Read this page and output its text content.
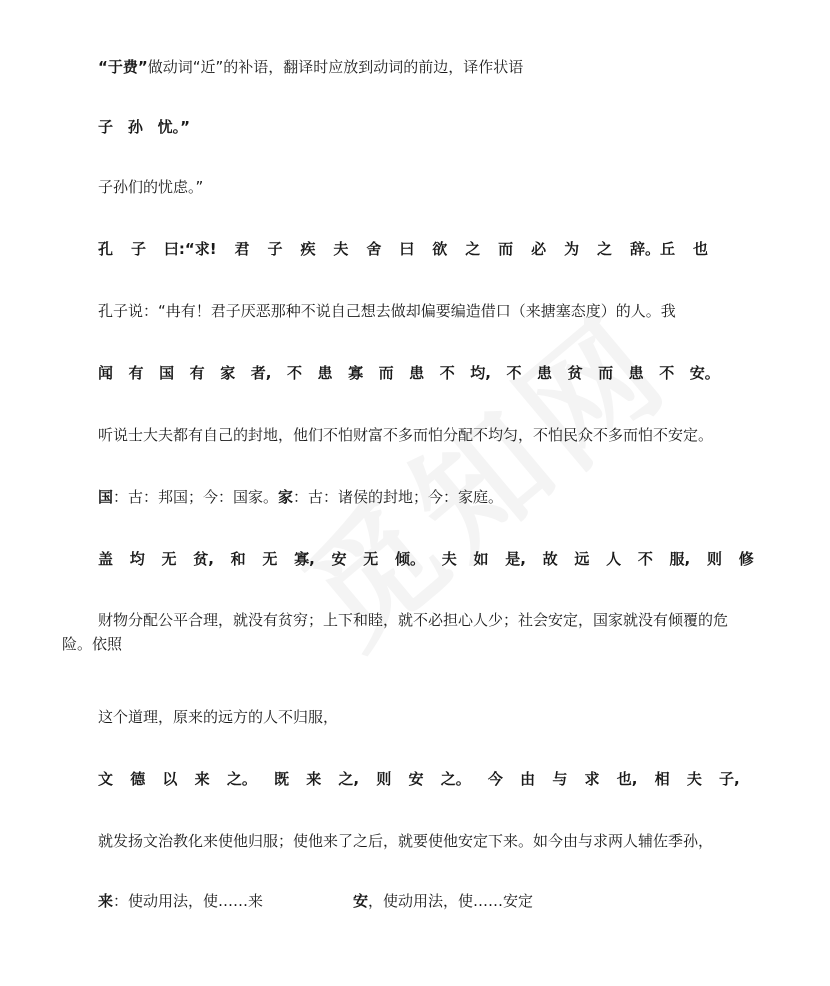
“于费”做动词“近”的补语，翻译时应放到动词的前边，译作状语

子 孙 忧。”

子孙们的忧虑。”

孔 子 曰:“求! 君 子 疾 夫 舍 曰 欲 之 而 必 为 之 辞。丘 也

孔子说：“冉有！君子厌恶那种不说自己想去做却偏要编造借口（来搪塞态度）的人。我

闻 有 国 有 家 者, 不 患 寡 而 患 不 均, 不 患 贫 而 患 不 安。

听说士大夫都有自己的封地，他们不怕财富不多而怕分配不均匀，不怕民众不多而怕不安定。

国：古：邦国；今：国家。家：古：诸侯的封地；今：家庭。

盖 均 无 贫, 和 无 寡, 安 无 倾。 夫 如 是, 故 远 人 不 服, 则 修

财物分配公平合理，就没有贫穷；上下和睦，就不必担心人少；社会安定，国家就没有倾覆的危险。依照

这个道理，原来的远方的人不归服，

文 德 以 来 之。 既 来 之, 则 安 之。 今 由 与 求 也, 相 夫 子,

就发扬文治教化来使他归服；使他来了之后，就要使他安定下来。如今由与求两人辅佐季孙，

来：使动用法，使……来	安，使动用法，使……安定
